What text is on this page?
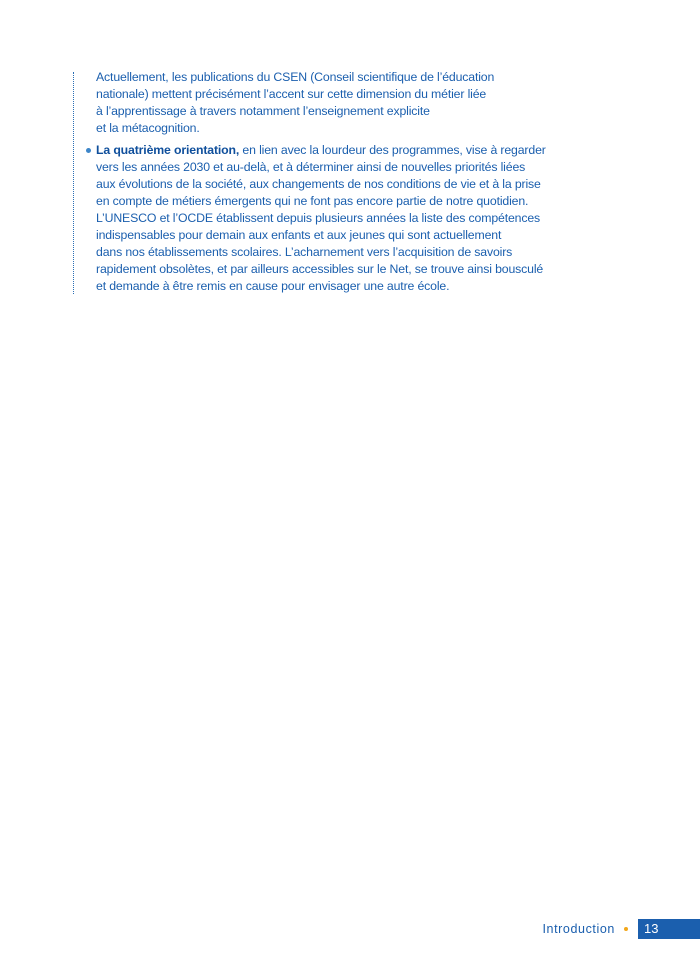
Actuellement, les publications du CSEN (Conseil scientifique de l’éducation
nationale) mettent précisément l’accent sur cette dimension du métier liée
à l’apprentissage à travers notamment l’enseignement explicite
et la métacognition.
La quatrième orientation, en lien avec la lourdeur des programmes, vise à regarder
vers les années 2030 et au-delà, et à déterminer ainsi de nouvelles priorités liées
aux évolutions de la société, aux changements de nos conditions de vie et à la prise
en compte de métiers émergents qui ne font pas encore partie de notre quotidien.
L’UNESCO et l’OCDE établissent depuis plusieurs années la liste des compétences
indispensables pour demain aux enfants et aux jeunes qui sont actuellement
dans nos établissements scolaires. L’acharnement vers l’acquisition de savoirs
rapidement obsolètes, et par ailleurs accessibles sur le Net, se trouve ainsi bousculé
et demande à être remis en cause pour envisager une autre école.
Introduction	13
